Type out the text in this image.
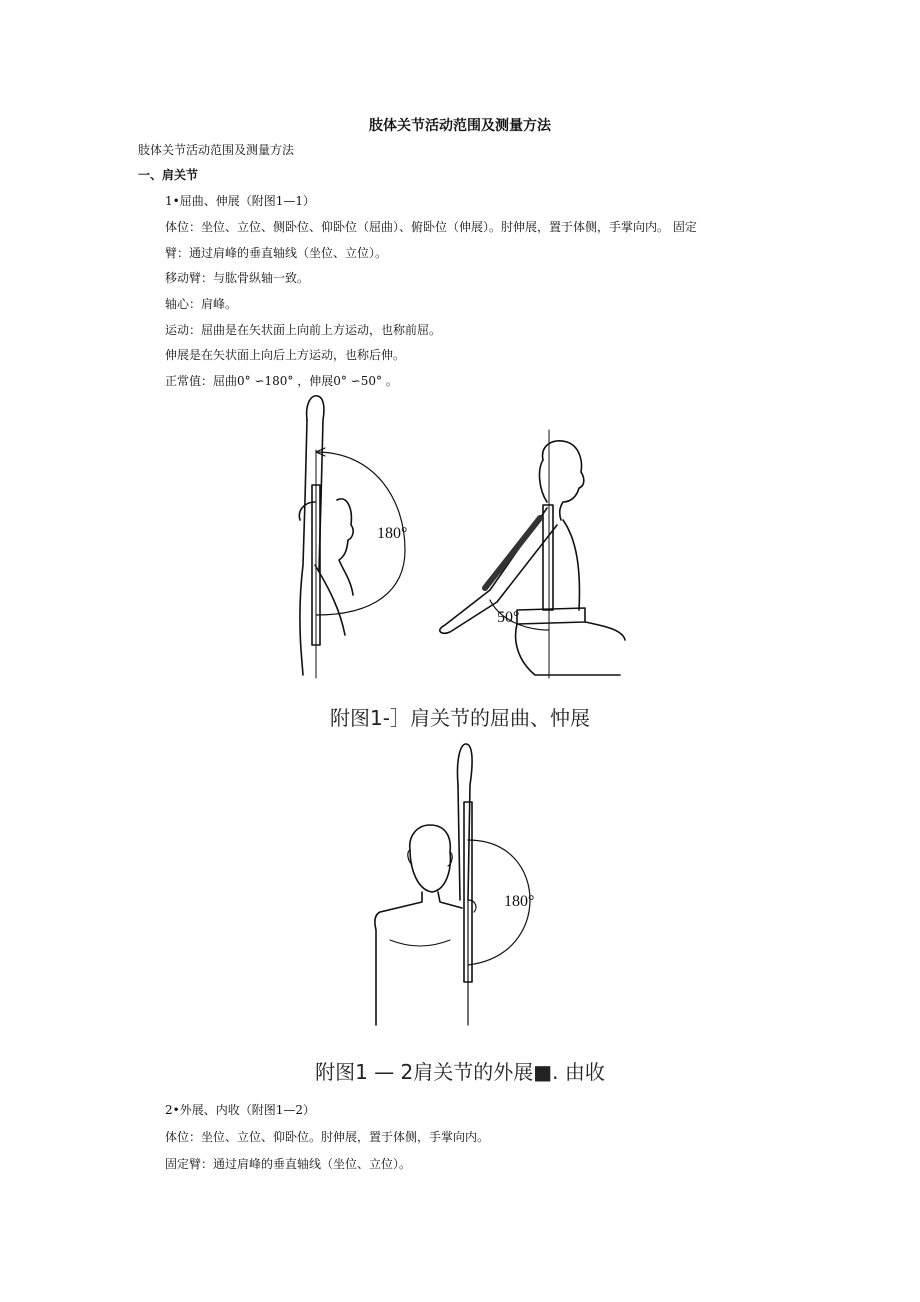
肢体关节活动范围及测量方法
肢体关节活动范围及测量方法
一、肩关节
1•屈曲、伸展（附图1—1）
体位：坐位、立位、侧卧位、仰卧位（屈曲）、俯卧位（伸展）。肘伸展，置于体侧，手掌向内。 固定
臂：通过肩峰的垂直轴线（坐位、立位）。
移动臂：与肱骨纵轴一致。
轴心：肩峰。
运动：屈曲是在矢状面上向前上方运动，也称前屈。
伸展是在矢状面上向后上方运动，也称后伸。
正常值：屈曲0° ∽180° ，伸展0° ∽50° 。
180°
50°
附图1-］肩关节的屈曲、忡展
180°
附图1 — 2肩关节的外展■. 由收
2•外展、内收（附图1—2）
体位：坐位、立位、仰卧位。肘伸展，置于体侧，手掌向内。
固定臂：通过肩峰的垂直轴线（坐位、立位）。
